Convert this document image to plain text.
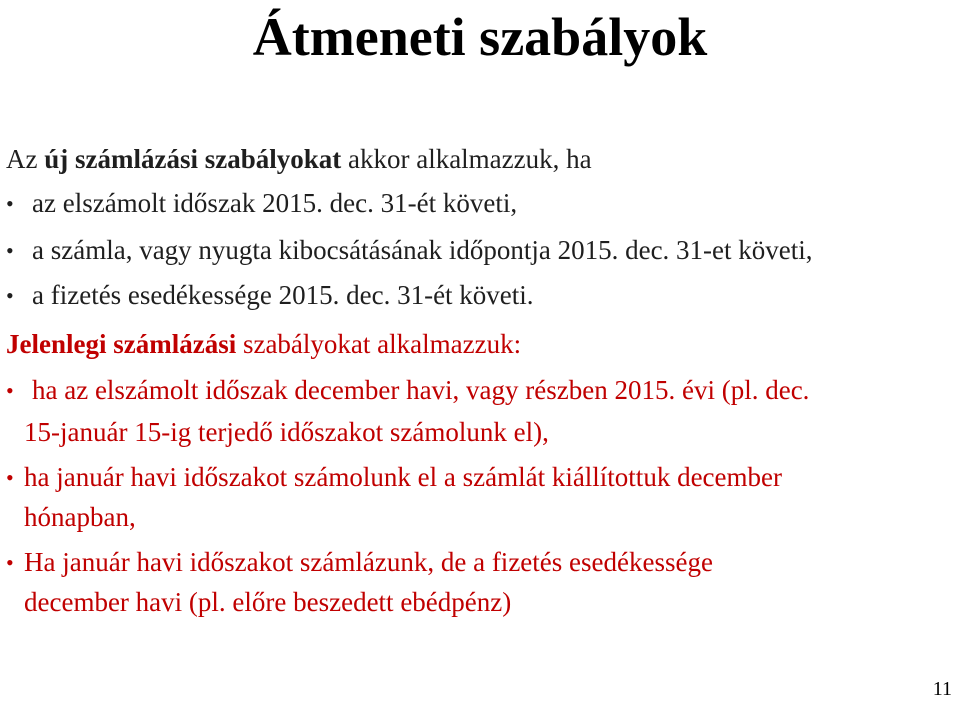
Átmeneti szabályok
Az új számlázási szabályokat akkor alkalmazzuk, ha
• az elszámolt időszak 2015. dec. 31-ét követi,
• a számla, vagy nyugta kibocsátásának időpontja 2015. dec. 31-et követi,
• a fizetés esedékessége 2015. dec. 31-ét követi.
Jelenlegi számlázási szabályokat alkalmazzuk:
• ha az elszámolt időszak december havi, vagy részben 2015. évi (pl. dec.
15-január 15-ig terjedő időszakot számolunk el),
• ha január havi időszakot számolunk el a számlát kiállítottuk december
hónapban,
• Ha január havi időszakot számlázunk, de a fizetés esedékessége
december havi (pl. előre beszedett ebédpénz)
11
